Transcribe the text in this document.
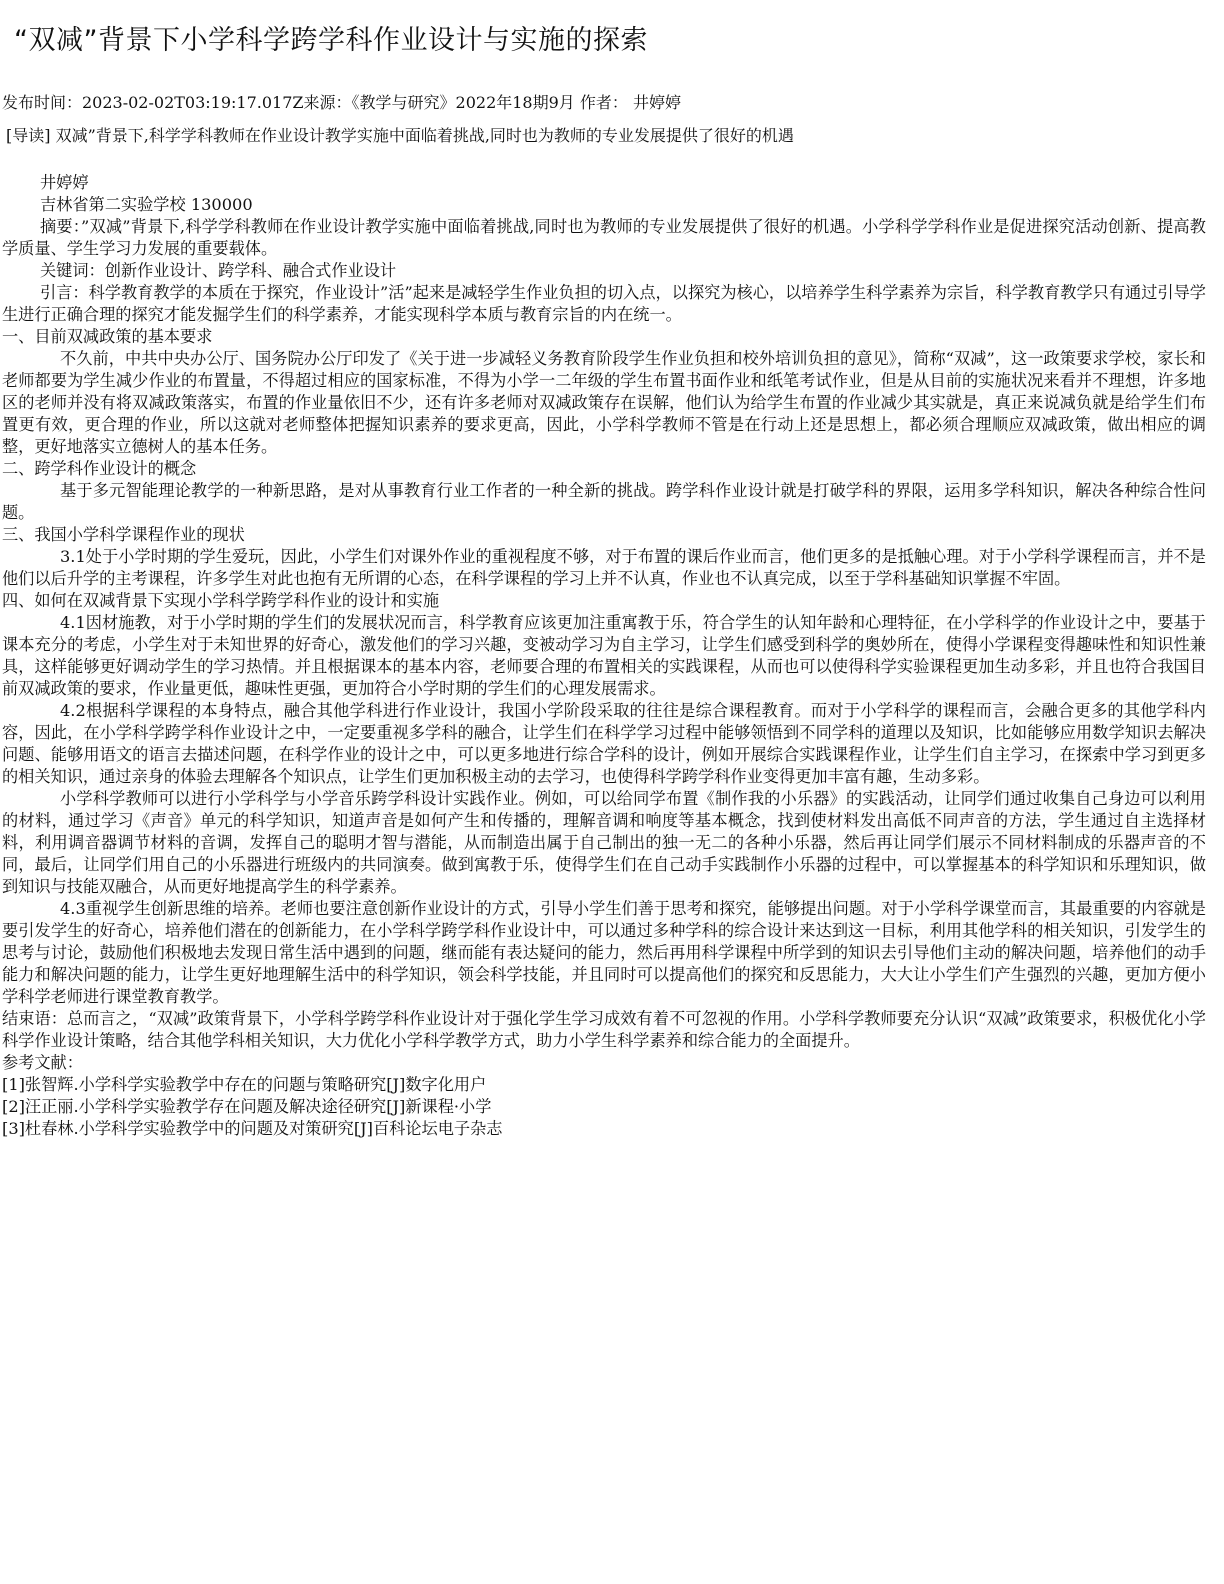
“双减”背景下小学科学跨学科作业设计与实施的探索

发布时间：2023-02-02T03:19:17.017Z来源：《教学与研究》2022年18期9月 作者： 井婷婷

[导读] 双减”背景下,科学学科教师在作业设计教学实施中面临着挑战,同时也为教师的专业发展提供了很好的机遇

井婷婷

吉林省第二实验学校 130000

摘要：”双减”背景下,科学学科教师在作业设计教学实施中面临着挑战,同时也为教师的专业发展提供了很好的机遇。小学科学学科作业是促进探究活动创新、提高教学质量、学生学习力发展的重要载体。

关键词：创新作业设计、跨学科、融合式作业设计

引言：科学教育教学的本质在于探究，作业设计”活”起来是减轻学生作业负担的切入点，以探究为核心，以培养学生科学素养为宗旨，科学教育教学只有通过引导学生进行正确合理的探究才能发掘学生们的科学素养，才能实现科学本质与教育宗旨的内在统一。

一、目前双减政策的基本要求

不久前，中共中央办公厅、国务院办公厅印发了《关于进一步减轻义务教育阶段学生作业负担和校外培训负担的意见》，简称“双减”，这一政策要求学校，家长和老师都要为学生减少作业的布置量，不得超过相应的国家标准，不得为小学一二年级的学生布置书面作业和纸笔考试作业，但是从目前的实施状况来看并不理想，许多地区的老师并没有将双减政策落实，布置的作业量依旧不少，还有许多老师对双减政策存在误解，他们认为给学生布置的作业减少其实就是，真正来说减负就是给学生们布置更有效，更合理的作业，所以这就对老师整体把握知识素养的要求更高，因此，小学科学教师不管是在行动上还是思想上，都必须合理顺应双减政策，做出相应的调整，更好地落实立德树人的基本任务。

二、跨学科作业设计的概念

基于多元智能理论教学的一种新思路，是对从事教育行业工作者的一种全新的挑战。跨学科作业设计就是打破学科的界限，运用多学科知识，解决各种综合性问题。

三、我国小学科学课程作业的现状

3.1处于小学时期的学生爱玩，因此，小学生们对课外作业的重视程度不够，对于布置的课后作业而言，他们更多的是抵触心理。对于小学科学课程而言，并不是他们以后升学的主考课程，许多学生对此也抱有无所谓的心态，在科学课程的学习上并不认真，作业也不认真完成，以至于学科基础知识掌握不牢固。

四、如何在双减背景下实现小学科学跨学科作业的设计和实施

4.1因材施教，对于小学时期的学生们的发展状况而言，科学教育应该更加注重寓教于乐，符合学生的认知年龄和心理特征，在小学科学的作业设计之中，要基于课本充分的考虑，小学生对于未知世界的好奇心，激发他们的学习兴趣，变被动学习为自主学习，让学生们感受到科学的奥妙所在，使得小学课程变得趣味性和知识性兼具，这样能够更好调动学生的学习热情。并且根据课本的基本内容，老师要合理的布置相关的实践课程，从而也可以使得科学实验课程更加生动多彩，并且也符合我国目前双减政策的要求，作业量更低，趣味性更强，更加符合小学时期的学生们的心理发展需求。

4.2根据科学课程的本身特点，融合其他学科进行作业设计，我国小学阶段采取的往往是综合课程教育。而对于小学科学的课程而言，会融合更多的其他学科内容，因此，在小学科学跨学科作业设计之中，一定要重视多学科的融合，让学生们在科学学习过程中能够领悟到不同学科的道理以及知识，比如能够应用数学知识去解决问题、能够用语文的语言去描述问题，在科学作业的设计之中，可以更多地进行综合学科的设计，例如开展综合实践课程作业，让学生们自主学习，在探索中学习到更多的相关知识，通过亲身的体验去理解各个知识点，让学生们更加积极主动的去学习，也使得科学跨学科作业变得更加丰富有趣，生动多彩。

小学科学教师可以进行小学科学与小学音乐跨学科设计实践作业。例如，可以给同学布置《制作我的小乐器》的实践活动，让同学们通过收集自己身边可以利用的材料，通过学习《声音》单元的科学知识，知道声音是如何产生和传播的，理解音调和响度等基本概念，找到使材料发出高低不同声音的方法，学生通过自主选择材料，利用调音器调节材料的音调，发挥自己的聪明才智与潜能，从而制造出属于自己制出的独一无二的各种小乐器，然后再让同学们展示不同材料制成的乐器声音的不同，最后，让同学们用自己的小乐器进行班级内的共同演奏。做到寓教于乐，使得学生们在自己动手实践制作小乐器的过程中，可以掌握基本的科学知识和乐理知识，做到知识与技能双融合，从而更好地提高学生的科学素养。

4.3重视学生创新思维的培养。老师也要注意创新作业设计的方式，引导小学生们善于思考和探究，能够提出问题。对于小学科学课堂而言，其最重要的内容就是要引发学生的好奇心，培养他们潜在的创新能力，在小学科学跨学科作业设计中，可以通过多种学科的综合设计来达到这一目标，利用其他学科的相关知识，引发学生的思考与讨论，鼓励他们积极地去发现日常生活中遇到的问题，继而能有表达疑问的能力，然后再用科学课程中所学到的知识去引导他们主动的解决问题，培养他们的动手能力和解决问题的能力，让学生更好地理解生活中的科学知识，领会科学技能，并且同时可以提高他们的探究和反思能力，大大让小学生们产生强烈的兴趣，更加方便小学科学老师进行课堂教育教学。

结束语：总而言之，“双减”政策背景下，小学科学跨学科作业设计对于强化学生学习成效有着不可忽视的作用。小学科学教师要充分认识“双减”政策要求，积极优化小学科学作业设计策略，结合其他学科相关知识，大力优化小学科学教学方式，助力小学生科学素养和综合能力的全面提升。

参考文献：

[1]张智辉.小学科学实验教学中存在的问题与策略研究[J]数字化用户

[2]汪正丽.小学科学实验教学存在问题及解决途径研究[J]新课程·小学

[3]杜春林.小学科学实验教学中的问题及对策研究[J]百科论坛电子杂志
